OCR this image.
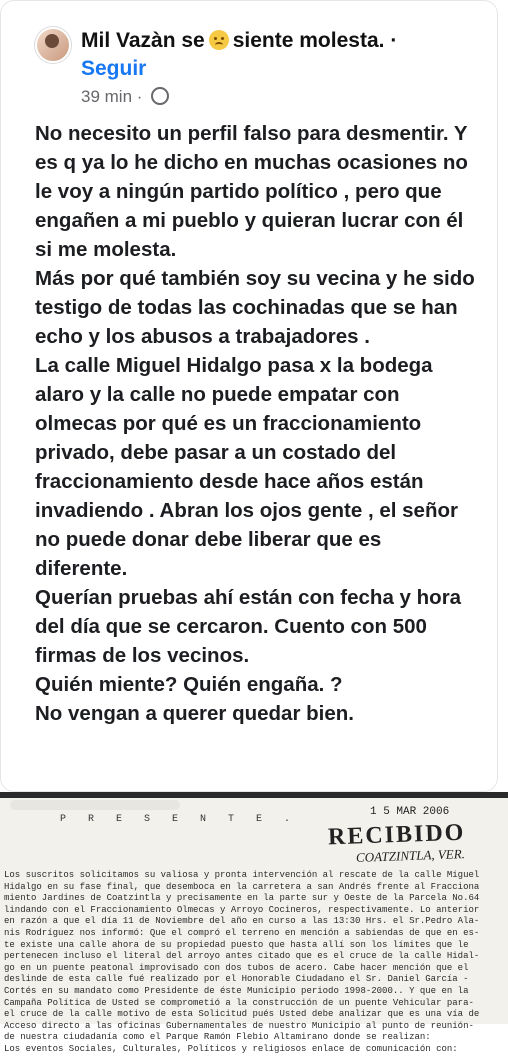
Mil Vazàn se siente molesta. ·
Seguir
39 min ·

No necesito un perfil falso para desmentir. Y es q ya lo he dicho en muchas ocasiones no le voy a ningún partido político , pero que engañen a mi pueblo y quieran lucrar con él si me molesta.

Más por qué también soy su vecina y he sido testigo de todas las cochinadas que se han echo y los abusos a trabajadores .

La calle Miguel Hidalgo pasa x la bodega alaro y la calle no puede empatar con olmecas por qué es un fraccionamiento privado, debe pasar a un costado del fraccionamiento desde hace años están invadiendo . Abran los ojos gente , el señor no puede donar debe liberar que es diferente.

Querían pruebas ahí están con fecha y hora del día que se cercaron. Cuento con 500 firmas de los vecinos.

Quién miente? Quién engaña. ?

No vengan a querer quedar bien.

P R E S E N T E .
1 5 MAR 2006
RECIBIDO
COATZINTLA, VER.
Los suscritos solicitamos su valiosa y pronta intervención al rescate de la calle Miguel
Hidalgo en su fase final, que desemboca en la carretera a san Andrés frente al Fracciona
miento Jardines de Coatzintla y precisamente en la parte sur y Oeste de la Parcela No.64
lindando con el Fraccionamiento Olmecas y Arroyo Cocineros, respectivamente. Lo anterior
en razón a que el día 11 de Noviembre del año en curso a las 13:30 Hrs. el Sr.Pedro Ala-
nis Rodríguez nos informó: Que el compró el terreno en mención a sabiendas de que en es-
te existe una calle ahora de su propiedad puesto que hasta allí son los límites que le
pertenecen incluso el literal del arroyo antes citado que es el cruce de la calle Hidal-
go en un puente peatonal improvisado con dos tubos de acero. Cabe hacer mención que el
deslinde de esta calle fué realizado por el Honorable Ciudadano el Sr. Daniel García -
Cortés en su mandato como Presidente de éste Municipio periodo 1998-2000.. Y que en la
Campaña Política de Usted se comprometió a la construcción de un puente Vehicular para-
el cruce de la calle motivo de esta Solicitud pués Usted debe analizar que es una vía de
Acceso directo a las oficinas Gubernamentales de nuestro Municipio al punto de reunión-
de nuestra ciudadanía como el Parque Ramón Flebio Altamirano donde se realizan:
Los eventos Sociales, Culturales, Políticos y religiosos enlace de comunicación con:
